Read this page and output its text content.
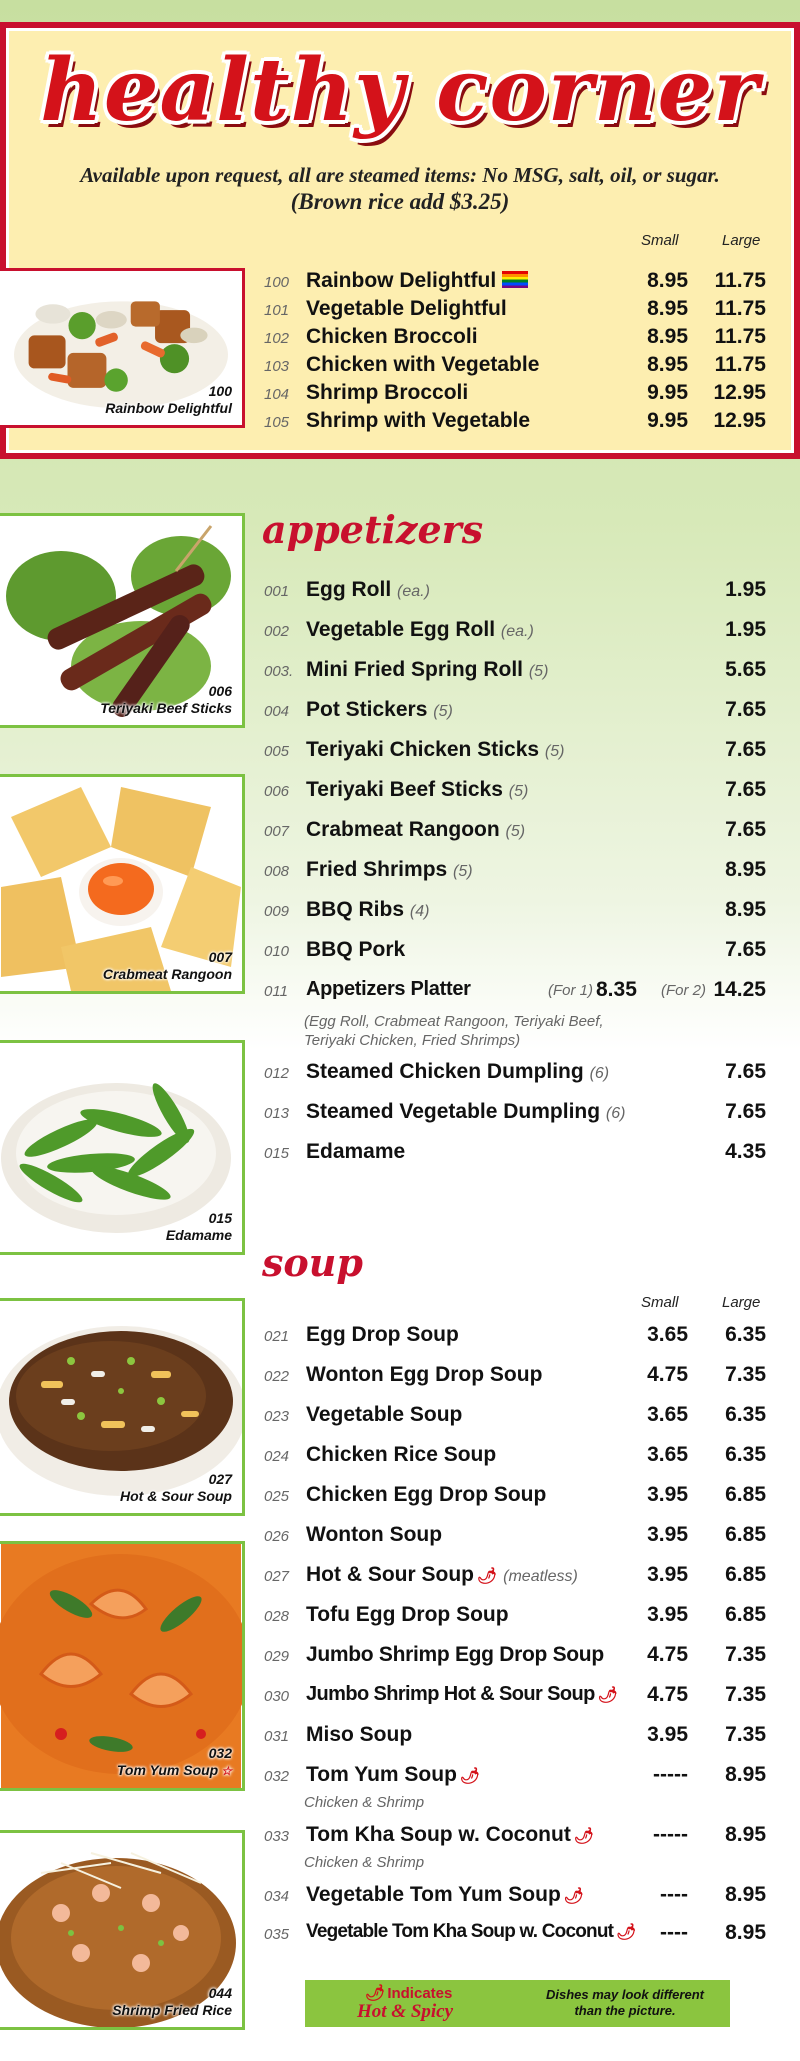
healthy corner
Available upon request, all are steamed items: No MSG, salt, oil, or sugar.
(Brown rice add $3.25)
Small	Large
100
Rainbow Delightful
100 Rainbow Delightful	8.95 11.75
101 Vegetable Delightful	8.95 11.75
102 Chicken Broccoli	8.95 11.75
103 Chicken with Vegetable	8.95 11.75
104 Shrimp Broccoli	9.95 12.95
105 Shrimp with Vegetable	9.95 12.95
appetizers
006
Teriyaki Beef Sticks
007
Crabmeat Rangoon
015
Edamame
001 Egg Roll (ea.)	1.95
002 Vegetable Egg Roll (ea.)	1.95
003. Mini Fried Spring Roll (5)	5.65
004 Pot Stickers (5)	7.65
005 Teriyaki Chicken Sticks (5)	7.65
006 Teriyaki Beef Sticks (5)	7.65
007 Crabmeat Rangoon (5)	7.65
008 Fried Shrimps (5)	8.95
009 BBQ Ribs (4)	8.95
010 BBQ Pork	7.65
011 Appetizers Platter	(For 1) 8.35 (For 2) 14.25
(Egg Roll, Crabmeat Rangoon, Teriyaki Beef,
Teriyaki Chicken, Fried Shrimps)
012 Steamed Chicken Dumpling (6)	7.65
013 Steamed Vegetable Dumpling (6)	7.65
015 Edamame	4.35
soup
Small	Large
027
Hot & Sour Soup
032
Tom Yum Soup ☆
044
Shrimp Fried Rice
021 Egg Drop Soup	3.65 6.35
022 Wonton Egg Drop Soup	4.75 7.35
023 Vegetable Soup	3.65 6.35
024 Chicken Rice Soup	3.65 6.35
025 Chicken Egg Drop Soup	3.95 6.85
026 Wonton Soup	3.95 6.85
027 Hot & Sour Soup 🌶 (meatless)	3.95 6.85
028 Tofu Egg Drop Soup	3.95 6.85
029 Jumbo Shrimp Egg Drop Soup 4.75 7.35
030 Jumbo Shrimp Hot & Sour Soup 🌶 4.75 7.35
031 Miso Soup	3.95 7.35
032 Tom Yum Soup 🌶	----- 8.95
Chicken & Shrimp
033 Tom Kha Soup w. Coconut 🌶	----- 8.95
Chicken & Shrimp
034 Vegetable Tom Yum Soup 🌶	---- 8.95
035 Vegetable Tom Kha Soup w. Coconut 🌶 ---- 8.95
🌶 Indicates
Hot & Spicy
Dishes may look different
than the picture.
